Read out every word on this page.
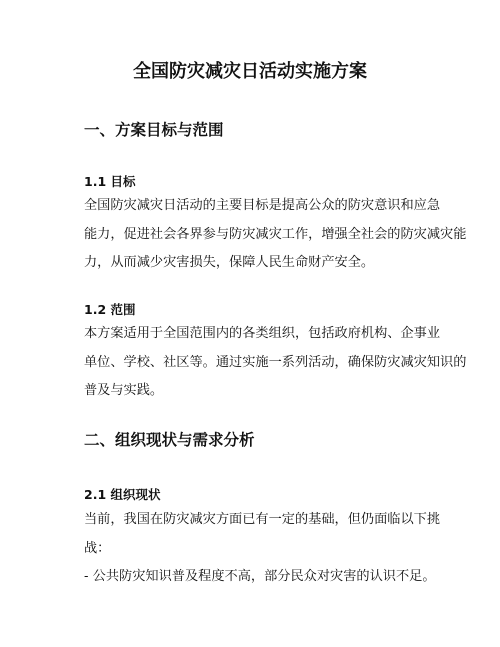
全国防灾减灾日活动实施方案
一、方案目标与范围
1.1 目标
全国防灾减灾日活动的主要目标是提高公众的防灾意识和应急
能力，促进社会各界参与防灾减灾工作，增强全社会的防灾减灾能
力，从而减少灾害损失，保障人民生命财产安全。
1.2 范围
本方案适用于全国范围内的各类组织，包括政府机构、企事业
单位、学校、社区等。通过实施一系列活动，确保防灾减灾知识的
普及与实践。
二、组织现状与需求分析
2.1 组织现状
当前，我国在防灾减灾方面已有一定的基础，但仍面临以下挑
战：
- 公共防灾知识普及程度不高，部分民众对灾害的认识不足。
